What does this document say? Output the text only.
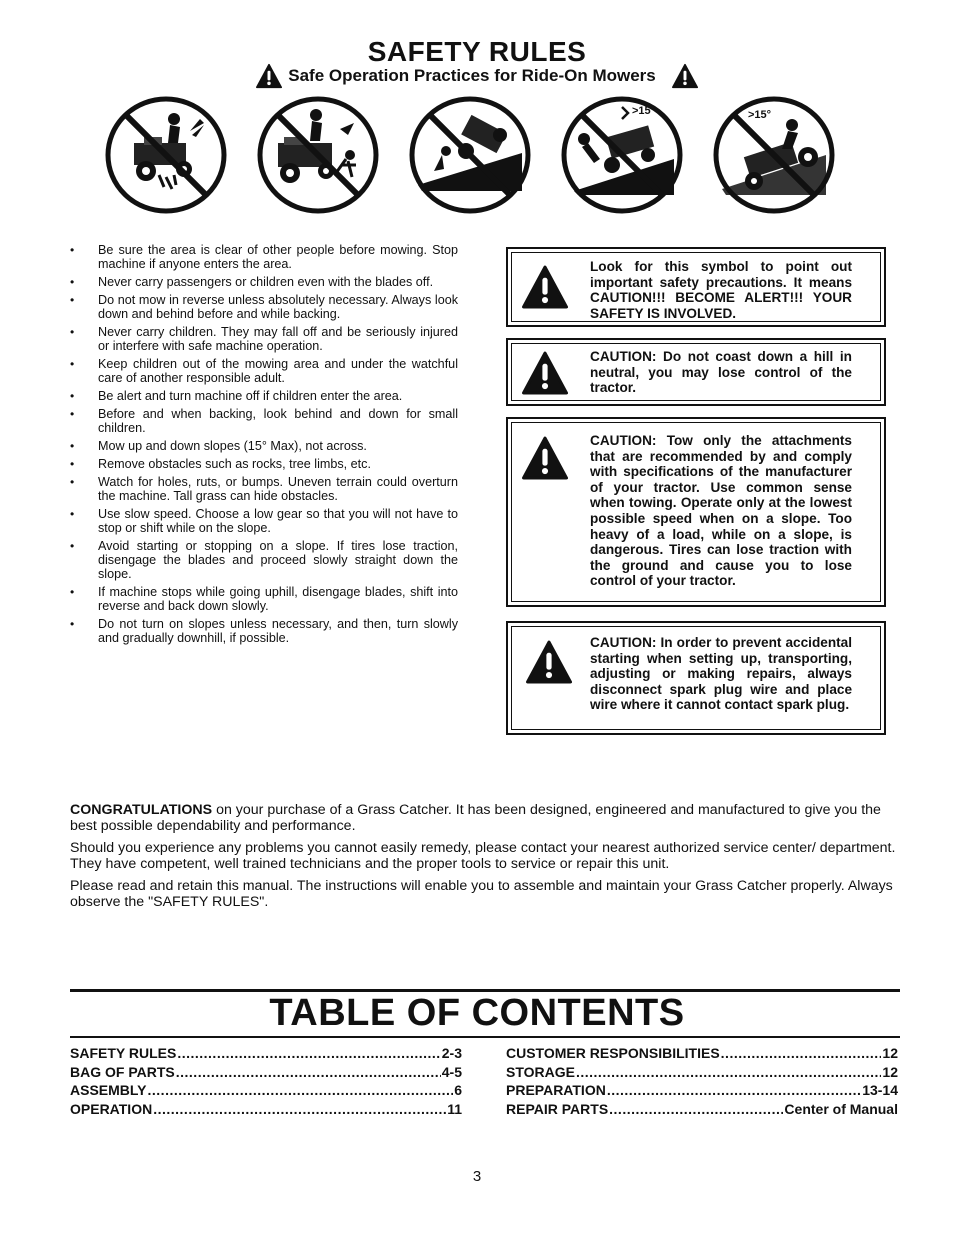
SAFETY RULES
Safe Operation Practices for Ride-On Mowers
>15°	>15°
• Be sure the area is clear of other people before mowing. Stop machine if anyone enters the area.
• Never carry passengers or children even with the blades off.
• Do not mow in reverse unless absolutely necessary. Always look down and behind before and while backing.
• Never carry children. They may fall off and be seriously injured or interfere with safe machine operation.
• Keep children out of the mowing area and under the watchful care of another responsible adult.
• Be alert and turn machine off if children enter the area.
• Before and when backing, look behind and down for small children.
• Mow up and down slopes (15° Max), not across.
• Remove obstacles such as rocks, tree limbs, etc.
• Watch for holes, ruts, or bumps. Uneven terrain could overturn the machine. Tall grass can hide obstacles.
• Use slow speed. Choose a low gear so that you will not have to stop or shift while on the slope.
• Avoid starting or stopping on a slope. If tires lose traction, disengage the blades and proceed slowly straight down the slope.
• If machine stops while going uphill, disengage blades, shift into reverse and back down slowly.
• Do not turn on slopes unless necessary, and then, turn slowly and gradually downhill, if possible.
Look for this symbol to point out important safety precautions. It means CAUTION!!! BECOME ALERT!!! YOUR SAFETY IS INVOLVED.
CAUTION: Do not coast down a hill in neutral, you may lose control of the tractor.
CAUTION: Tow only the attachments that are recommended by and comply with specifications of the manufacturer of your tractor. Use common sense when towing. Operate only at the lowest possible speed when on a slope. Too heavy of a load, while on a slope, is dangerous. Tires can lose traction with the ground and cause you to lose control of your tractor.
CAUTION: In order to prevent accidental starting when setting up, transporting, adjusting or making repairs, always disconnect spark plug wire and place wire where it cannot contact spark plug.

CONGRATULATIONS on your purchase of a Grass Catcher. It has been designed, engineered and manufactured to give you the best possible dependability and performance.

Should you experience any problems you cannot easily remedy, please contact your nearest authorized service center/ department. They have competent, well trained technicians and the proper tools to service or repair this unit.

Please read and retain this manual. The instructions will enable you to assemble and maintain your Grass Catcher properly. Always observe the "SAFETY RULES".

TABLE OF CONTENTS
SAFETY RULES .....	2-3
BAG OF PARTS .....	4-5
ASSEMBLY .....	6
OPERATION .....	11
CUSTOMER RESPONSIBILITIES .....	12
STORAGE .....	12
PREPARATION .....	13-14
REPAIR PARTS .....	Center of Manual
3
